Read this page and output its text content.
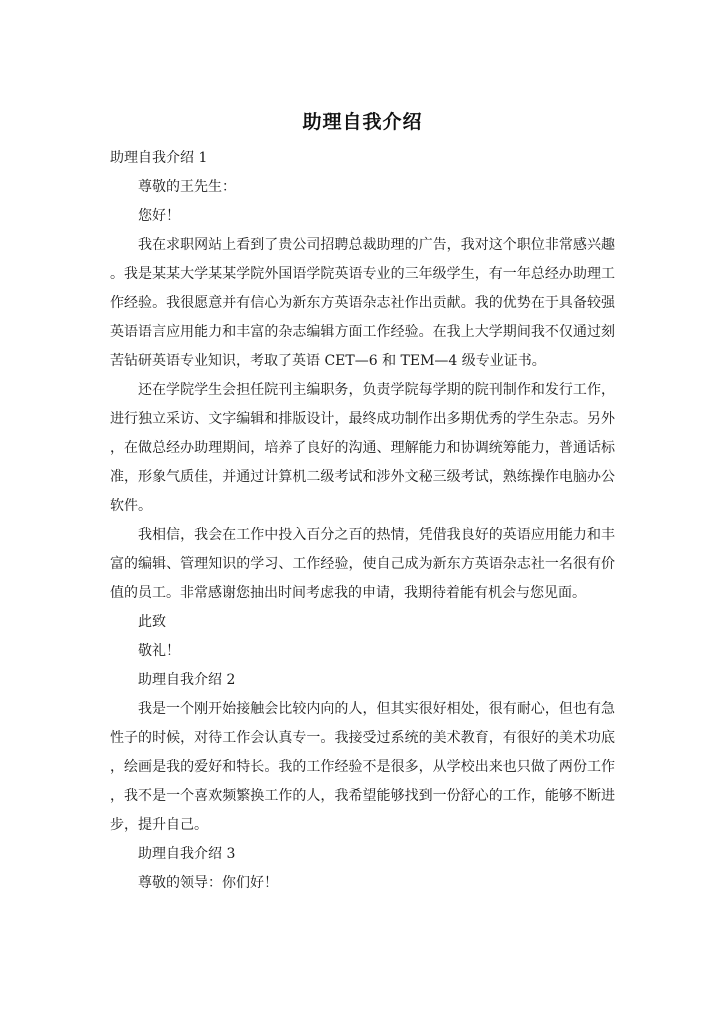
助理自我介绍

助理自我介绍 1

尊敬的王先生：

您好！

我在求职网站上看到了贵公司招聘总裁助理的广告，我对这个职位非常感兴趣。我是某某大学某某学院外国语学院英语专业的三年级学生，有一年总经办助理工作经验。我很愿意并有信心为新东方英语杂志社作出贡献。我的优势在于具备较强英语语言应用能力和丰富的杂志编辑方面工作经验。在我上大学期间我不仅通过刻苦钻研英语专业知识，考取了英语 CET—6 和 TEM—4 级专业证书。

还在学院学生会担任院刊主编职务，负责学院每学期的院刊制作和发行工作，进行独立采访、文字编辑和排版设计，最终成功制作出多期优秀的学生杂志。另外，在做总经办助理期间，培养了良好的沟通、理解能力和协调统筹能力，普通话标准，形象气质佳，并通过计算机二级考试和涉外文秘三级考试，熟练操作电脑办公软件。

我相信，我会在工作中投入百分之百的热情，凭借我良好的英语应用能力和丰富的编辑、管理知识的学习、工作经验，使自己成为新东方英语杂志社一名很有价值的员工。非常感谢您抽出时间考虑我的申请，我期待着能有机会与您见面。

此致

敬礼！

助理自我介绍 2

我是一个刚开始接触会比较内向的人，但其实很好相处，很有耐心，但也有急性子的时候，对待工作会认真专一。我接受过系统的美术教育，有很好的美术功底，绘画是我的爱好和特长。我的工作经验不是很多，从学校出来也只做了两份工作，我不是一个喜欢频繁换工作的人，我希望能够找到一份舒心的工作，能够不断进步，提升自己。

助理自我介绍 3

尊敬的领导：你们好！
